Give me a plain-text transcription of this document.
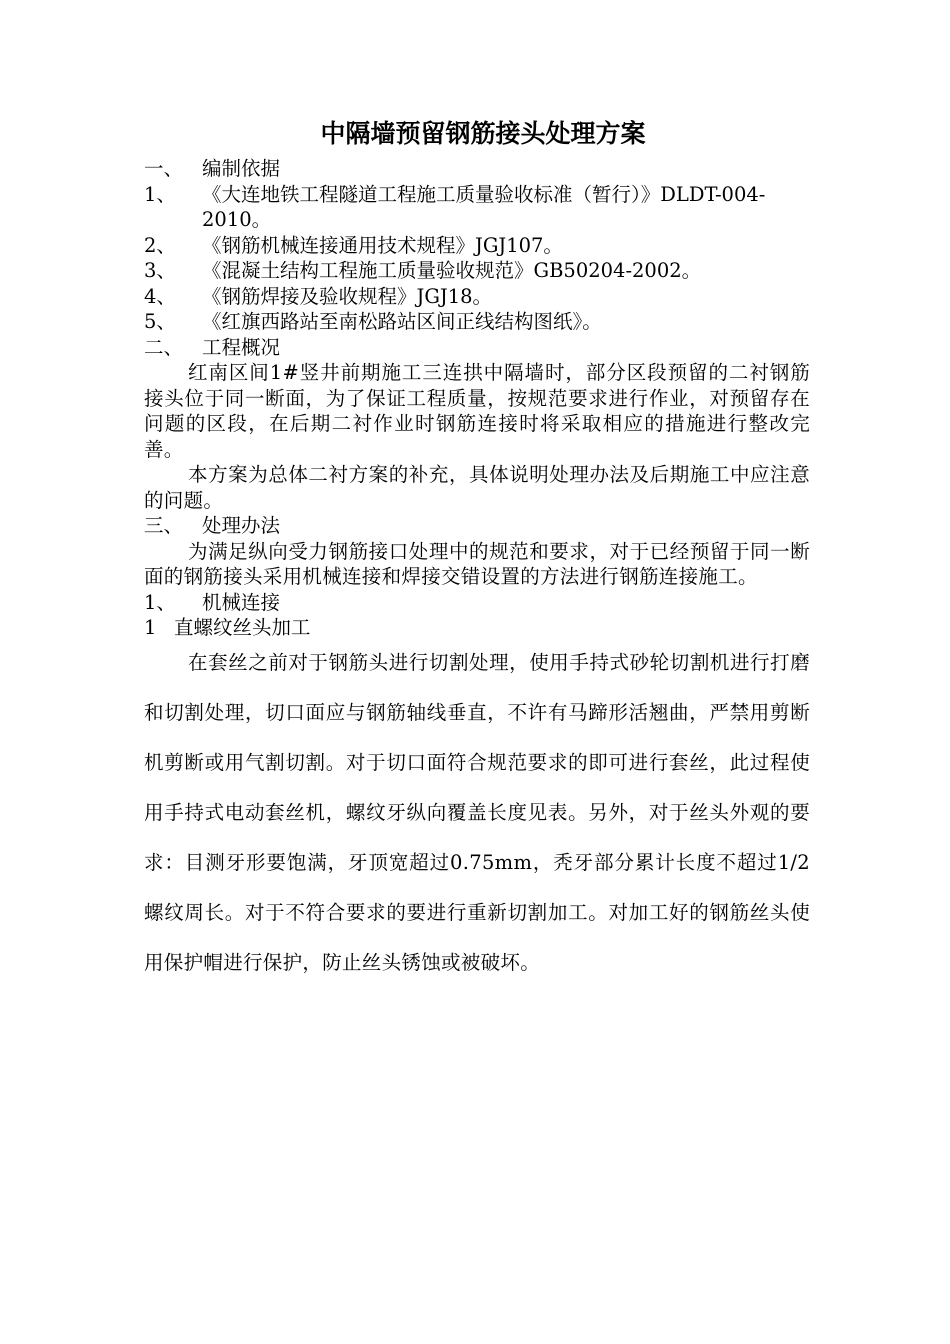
中隔墙预留钢筋接头处理方案
一、 编制依据
1、	《大连地铁工程隧道工程施工质量验收标准（暂行）》DLDT-004-2010。
2、	《钢筋机械连接通用技术规程》JGJ107。
3、	《混凝土结构工程施工质量验收规范》GB50204-2002。
4、	《钢筋焊接及验收规程》JGJ18。
5、	《红旗西路站至南松路站区间正线结构图纸》。
二、 工程概况

红南区间1#竖井前期施工三连拱中隔墙时，部分区段预留的二衬钢筋接头位于同一断面，为了保证工程质量，按规范要求进行作业，对预留存在问题的区段，在后期二衬作业时钢筋连接时将采取相应的措施进行整改完善。

本方案为总体二衬方案的补充，具体说明处理办法及后期施工中应注意的问题。

三、 处理办法

为满足纵向受力钢筋接口处理中的规范和要求，对于已经预留于同一断面的钢筋接头采用机械连接和焊接交错设置的方法进行钢筋连接施工。

1、	机械连接
1 直螺纹丝头加工

在套丝之前对于钢筋头进行切割处理，使用手持式砂轮切割机进行打磨和切割处理，切口面应与钢筋轴线垂直，不许有马蹄形活翘曲，严禁用剪断机剪断或用气割切割。对于切口面符合规范要求的即可进行套丝，此过程使用手持式电动套丝机，螺纹牙纵向覆盖长度见表。另外，对于丝头外观的要求：目测牙形要饱满，牙顶宽超过0.75mm，秃牙部分累计长度不超过1/2螺纹周长。对于不符合要求的要进行重新切割加工。对加工好的钢筋丝头使用保护帽进行保护，防止丝头锈蚀或被破坏。
